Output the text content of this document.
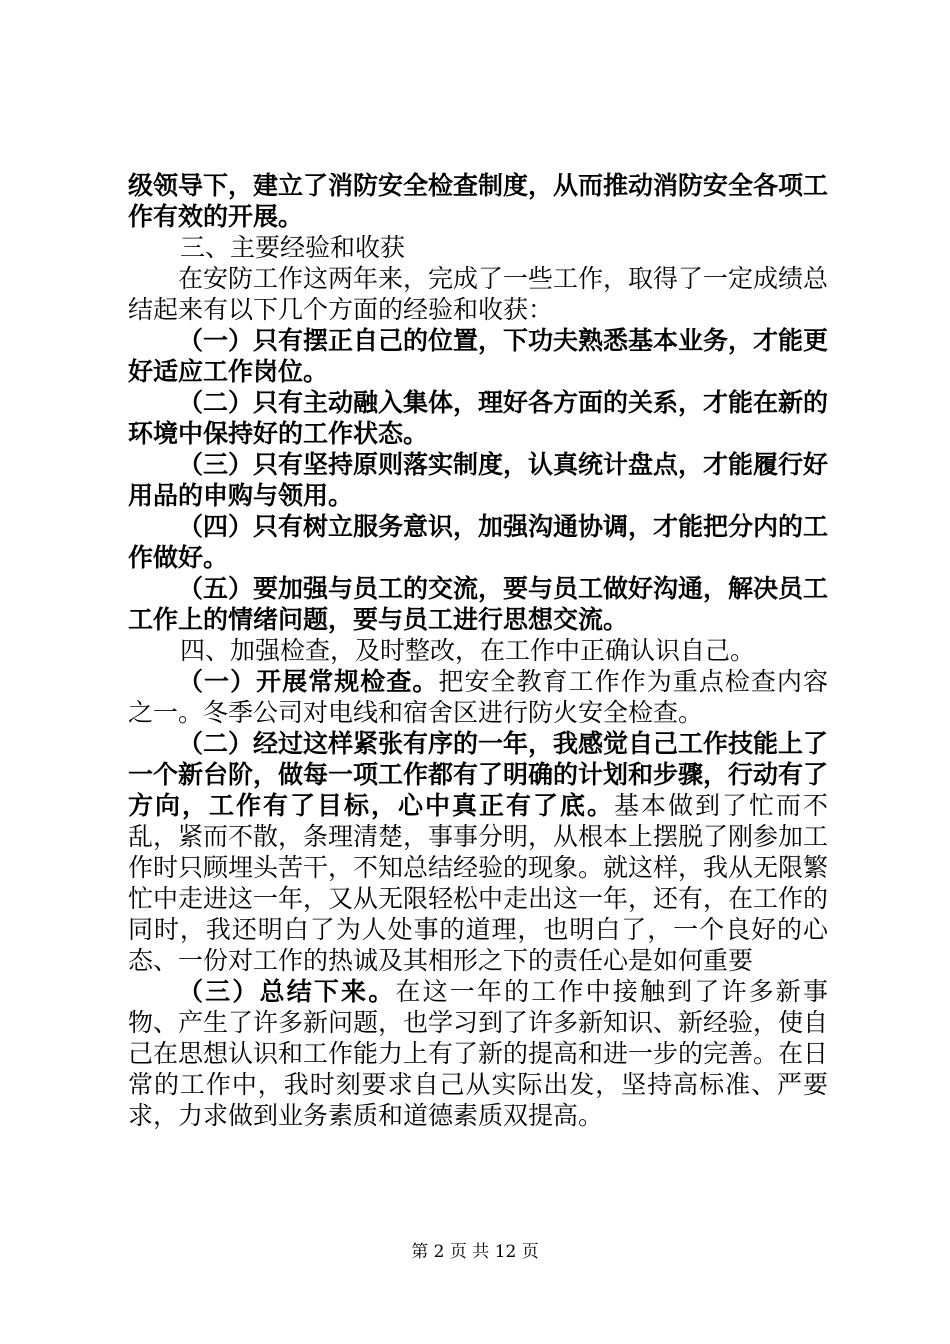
级领导下，建立了消防安全检查制度，从而推动消防安全各项工作有效的开展。

三、主要经验和收获

在安防工作这两年来，完成了一些工作，取得了一定成绩总结起来有以下几个方面的经验和收获：

（一）只有摆正自己的位置，下功夫熟悉基本业务，才能更好适应工作岗位。

（二）只有主动融入集体，理好各方面的关系，才能在新的环境中保持好的工作状态。

（三）只有坚持原则落实制度，认真统计盘点，才能履行好用品的申购与领用。

（四）只有树立服务意识，加强沟通协调，才能把分内的工作做好。

（五）要加强与员工的交流，要与员工做好沟通，解决员工工作上的情绪问题，要与员工进行思想交流。

四、加强检查，及时整改，在工作中正确认识自己。

（一）开展常规检查。把安全教育工作作为重点检查内容之一。冬季公司对电线和宿舍区进行防火安全检查。

（二）经过这样紧张有序的一年，我感觉自己工作技能上了一个新台阶，做每一项工作都有了明确的计划和步骤，行动有了方向，工作有了目标，心中真正有了底。基本做到了忙而不乱，紧而不散，条理清楚，事事分明，从根本上摆脱了刚参加工作时只顾埋头苦干，不知总结经验的现象。就这样，我从无限繁忙中走进这一年，又从无限轻松中走出这一年，还有，在工作的同时，我还明白了为人处事的道理，也明白了，一个良好的心态、一份对工作的热诚及其相形之下的责任心是如何重要

（三）总结下来。在这一年的工作中接触到了许多新事物、产生了许多新问题，也学习到了许多新知识、新经验，使自己在思想认识和工作能力上有了新的提高和进一步的完善。在日常的工作中，我时刻要求自己从实际出发，坚持高标准、严要求，力求做到业务素质和道德素质双提高。

第 2 页 共 12 页
